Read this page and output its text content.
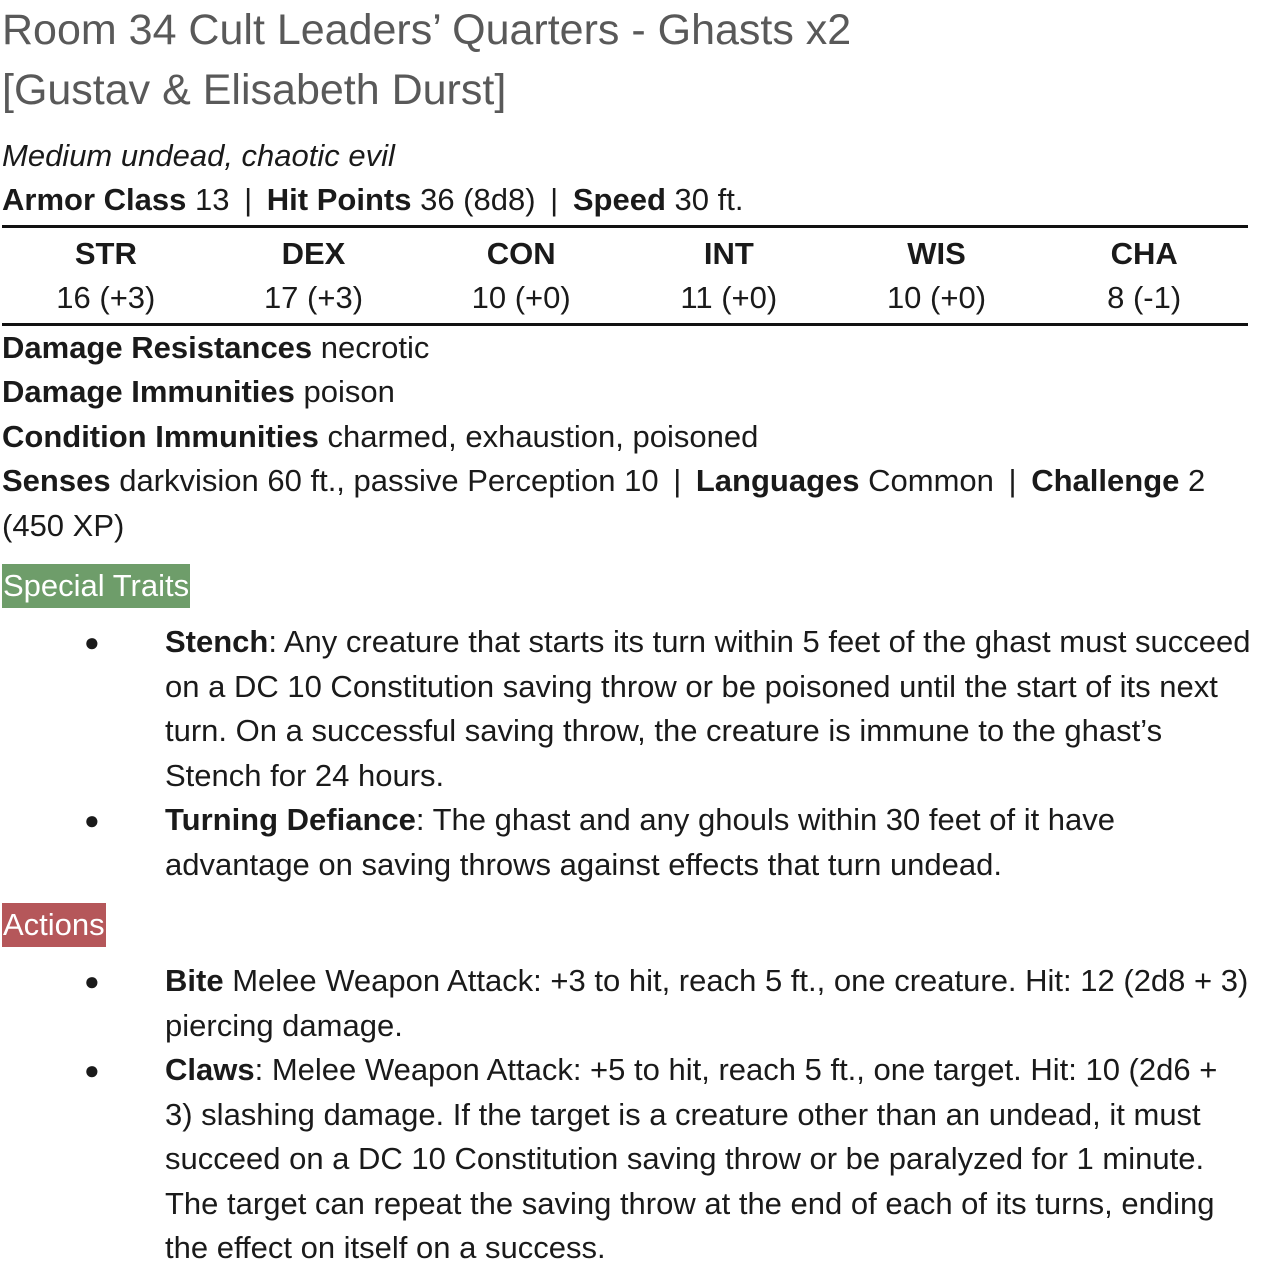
Room 34 Cult Leaders’ Quarters - Ghasts x2
[Gustav & Elisabeth Durst]
Medium undead, chaotic evil
Armor Class 13 | Hit Points 36 (8d8) | Speed 30 ft.
STR
16 (+3)
DEX
17 (+3)
CON
10 (+0)
INT
11 (+0)
WIS
10 (+0)
CHA
8 (-1)
Damage Resistances necrotic
Damage Immunities poison
Condition Immunities charmed, exhaustion, poisoned
Senses darkvision 60 ft., passive Perception 10 | Languages Common | Challenge 2
(450 XP)
Special Traits
● Stench: Any creature that starts its turn within 5 feet of the ghast must succeed on a DC 10 Constitution saving throw or be poisoned until the start of its next turn. On a successful saving throw, the creature is immune to the ghast’s Stench for 24 hours.
● Turning Defiance: The ghast and any ghouls within 30 feet of it have advantage on saving throws against effects that turn undead.
Actions
● Bite Melee Weapon Attack: +3 to hit, reach 5 ft., one creature. Hit: 12 (2d8 + 3) piercing damage.
● Claws: Melee Weapon Attack: +5 to hit, reach 5 ft., one target. Hit: 10 (2d6 + 3) slashing damage. If the target is a creature other than an undead, it must succeed on a DC 10 Constitution saving throw or be paralyzed for 1 minute. The target can repeat the saving throw at the end of each of its turns, ending the effect on itself on a success.
